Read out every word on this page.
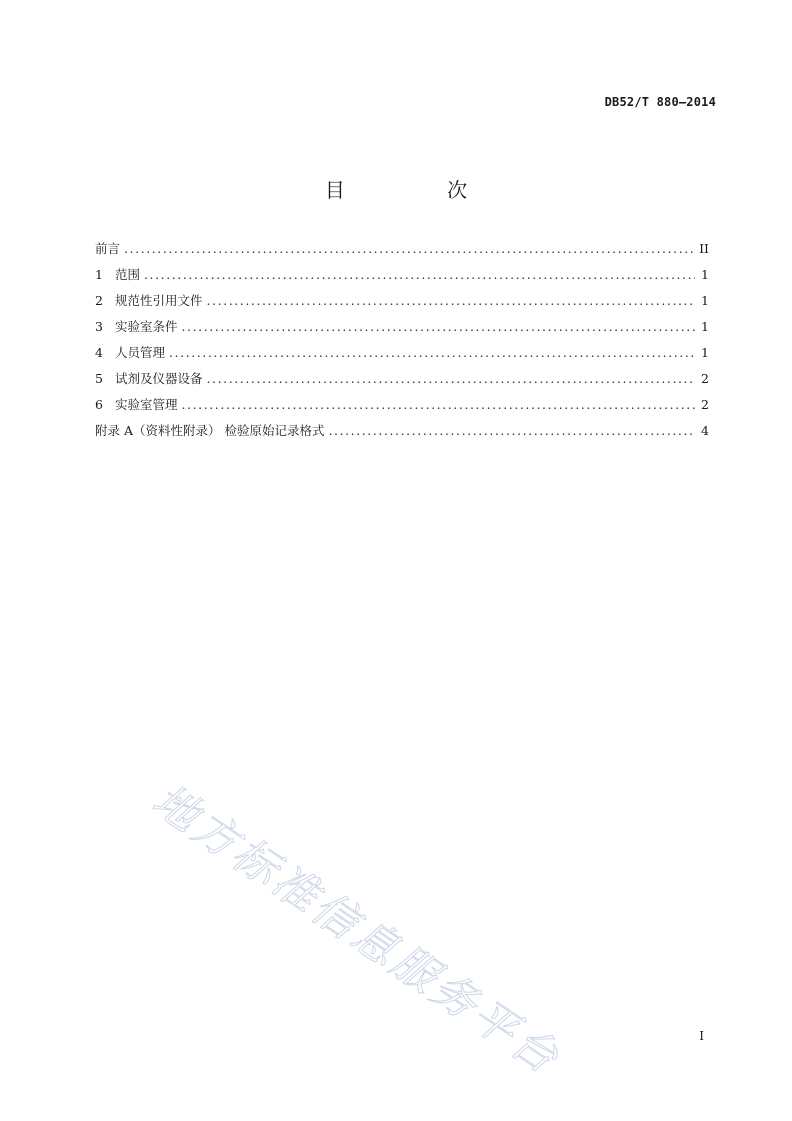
DB52/T 880—2014
目 次
前言 . . .	II
1 范围 . . .	1
2 规范性引用文件 . . .	1
3 实验室条件 . . .	1
4 人员管理 . . .	1
5 试剂及仪器设备 . . .	2
6 实验室管理 . . .	2
附录 A（资料性附录） 检验原始记录格式 . . .	4
地方标准信息服务平台	I
